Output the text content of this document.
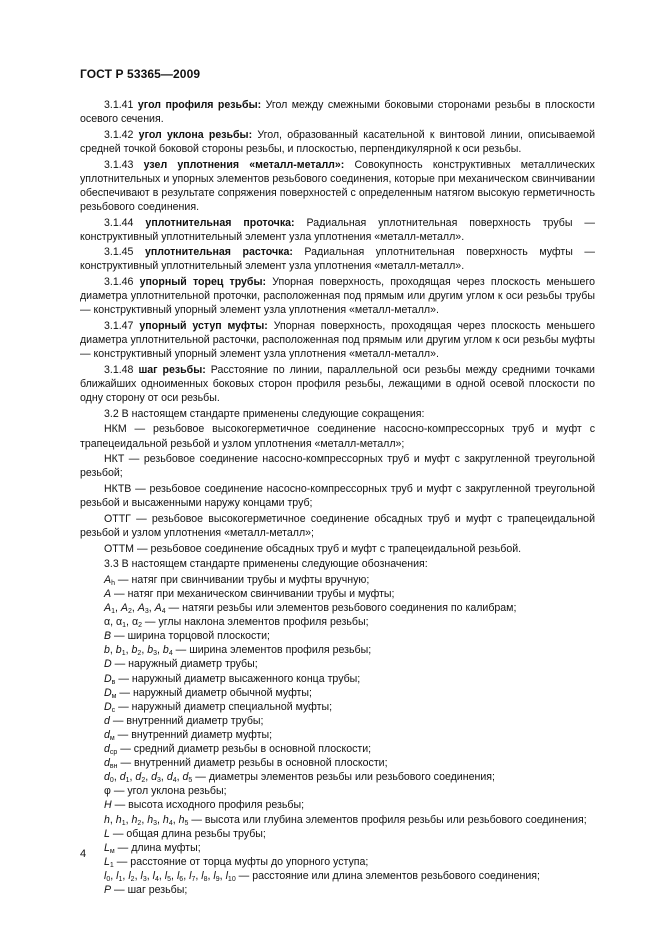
ГОСТ Р 53365—2009

3.1.41 угол профиля резьбы: Угол между смежными боковыми сторонами резьбы в плоскости осевого сечения.

3.1.42 угол уклона резьбы: Угол, образованный касательной к винтовой линии, описываемой средней точкой боковой стороны резьбы, и плоскостью, перпендикулярной к оси резьбы.

3.1.43 узел уплотнения «металл-металл»: Совокупность конструктивных металлических уплотнительных и упорных элементов резьбового соединения, которые при механическом свинчивании обеспечивают в результате сопряжения поверхностей с определенным натягом высокую герметичность резьбового соединения.

3.1.44 уплотнительная проточка: Радиальная уплотнительная поверхность трубы — конструктивный уплотнительный элемент узла уплотнения «металл-металл».

3.1.45 уплотнительная расточка: Радиальная уплотнительная поверхность муфты — конструктивный уплотнительный элемент узла уплотнения «металл-металл».

3.1.46 упорный торец трубы: Упорная поверхность, проходящая через плоскость меньшего диаметра уплотнительной проточки, расположенная под прямым или другим углом к оси резьбы трубы — конструктивный упорный элемент узла уплотнения «металл-металл».

3.1.47 упорный уступ муфты: Упорная поверхность, проходящая через плоскость меньшего диаметра уплотнительной расточки, расположенная под прямым или другим углом к оси резьбы муфты — конструктивный упорный элемент узла уплотнения «металл-металл».

3.1.48 шаг резьбы: Расстояние по линии, параллельной оси резьбы между средними точками ближайших одноименных боковых сторон профиля резьбы, лежащими в одной осевой плоскости по одну сторону от оси резьбы.

3.2 В настоящем стандарте применены следующие сокращения:

НКМ — резьбовое высокогерметичное соединение насосно-компрессорных труб и муфт с трапецеидальной резьбой и узлом уплотнения «металл-металл»;

НКТ — резьбовое соединение насосно-компрессорных труб и муфт с закругленной треугольной резьбой;

НКТВ — резьбовое соединение насосно-компрессорных труб и муфт с закругленной треугольной резьбой и высаженными наружу концами труб;

ОТТГ — резьбовое высокогерметичное соединение обсадных труб и муфт с трапецеидальной резьбой и узлом уплотнения «металл-металл»;

ОТТМ — резьбовое соединение обсадных труб и муфт с трапецеидальной резьбой.

3.3 В настоящем стандарте применены следующие обозначения:

$A_h$ — натяг при свинчивании трубы и муфты вручную;

A — натяг при механическом свинчивании трубы и муфты;

$A_1$, $A_2$, $A_3$, $A_4$ — натяги резьбы или элементов резьбового соединения по калибрам;

α, $\alpha_1$, $\alpha_2$ — углы наклона элементов профиля резьбы;

B — ширина торцовой плоскости;

b, $b_1$, $b_2$, $b_3$, $b_4$ — ширина элементов профиля резьбы;

D — наружный диаметр трубы;

$D_в$ — наружный диаметр высаженного конца трубы;

$D_м$ — наружный диаметр обычной муфты;

$D_с$ — наружный диаметр специальной муфты;

d — внутренний диаметр трубы;

$d_м$ — внутренний диаметр муфты;

$d_{ср}$ — средний диаметр резьбы в основной плоскости;

$d_{вн}$ — внутренний диаметр резьбы в основной плоскости;

$d_0$, $d_1$, $d_2$, $d_3$, $d_4$, $d_5$ — диаметры элементов резьбы или резьбового соединения;

φ — угол уклона резьбы;

H — высота исходного профиля резьбы;

h, $h_1$, $h_2$, $h_3$, $h_4$, $h_5$ — высота или глубина элементов профиля резьбы или резьбового соединения;

L — общая длина резьбы трубы;

$L_м$ — длина муфты;

$L_1$ — расстояние от торца муфты до упорного уступа;

$l_0$, $l_1$, $l_2$, $l_3$, $l_4$, $l_5$, $l_6$, $l_7$, $l_8$, $l_9$, $l_{10}$ — расстояние или длина элементов резьбового соединения;

P — шаг резьбы;

4
